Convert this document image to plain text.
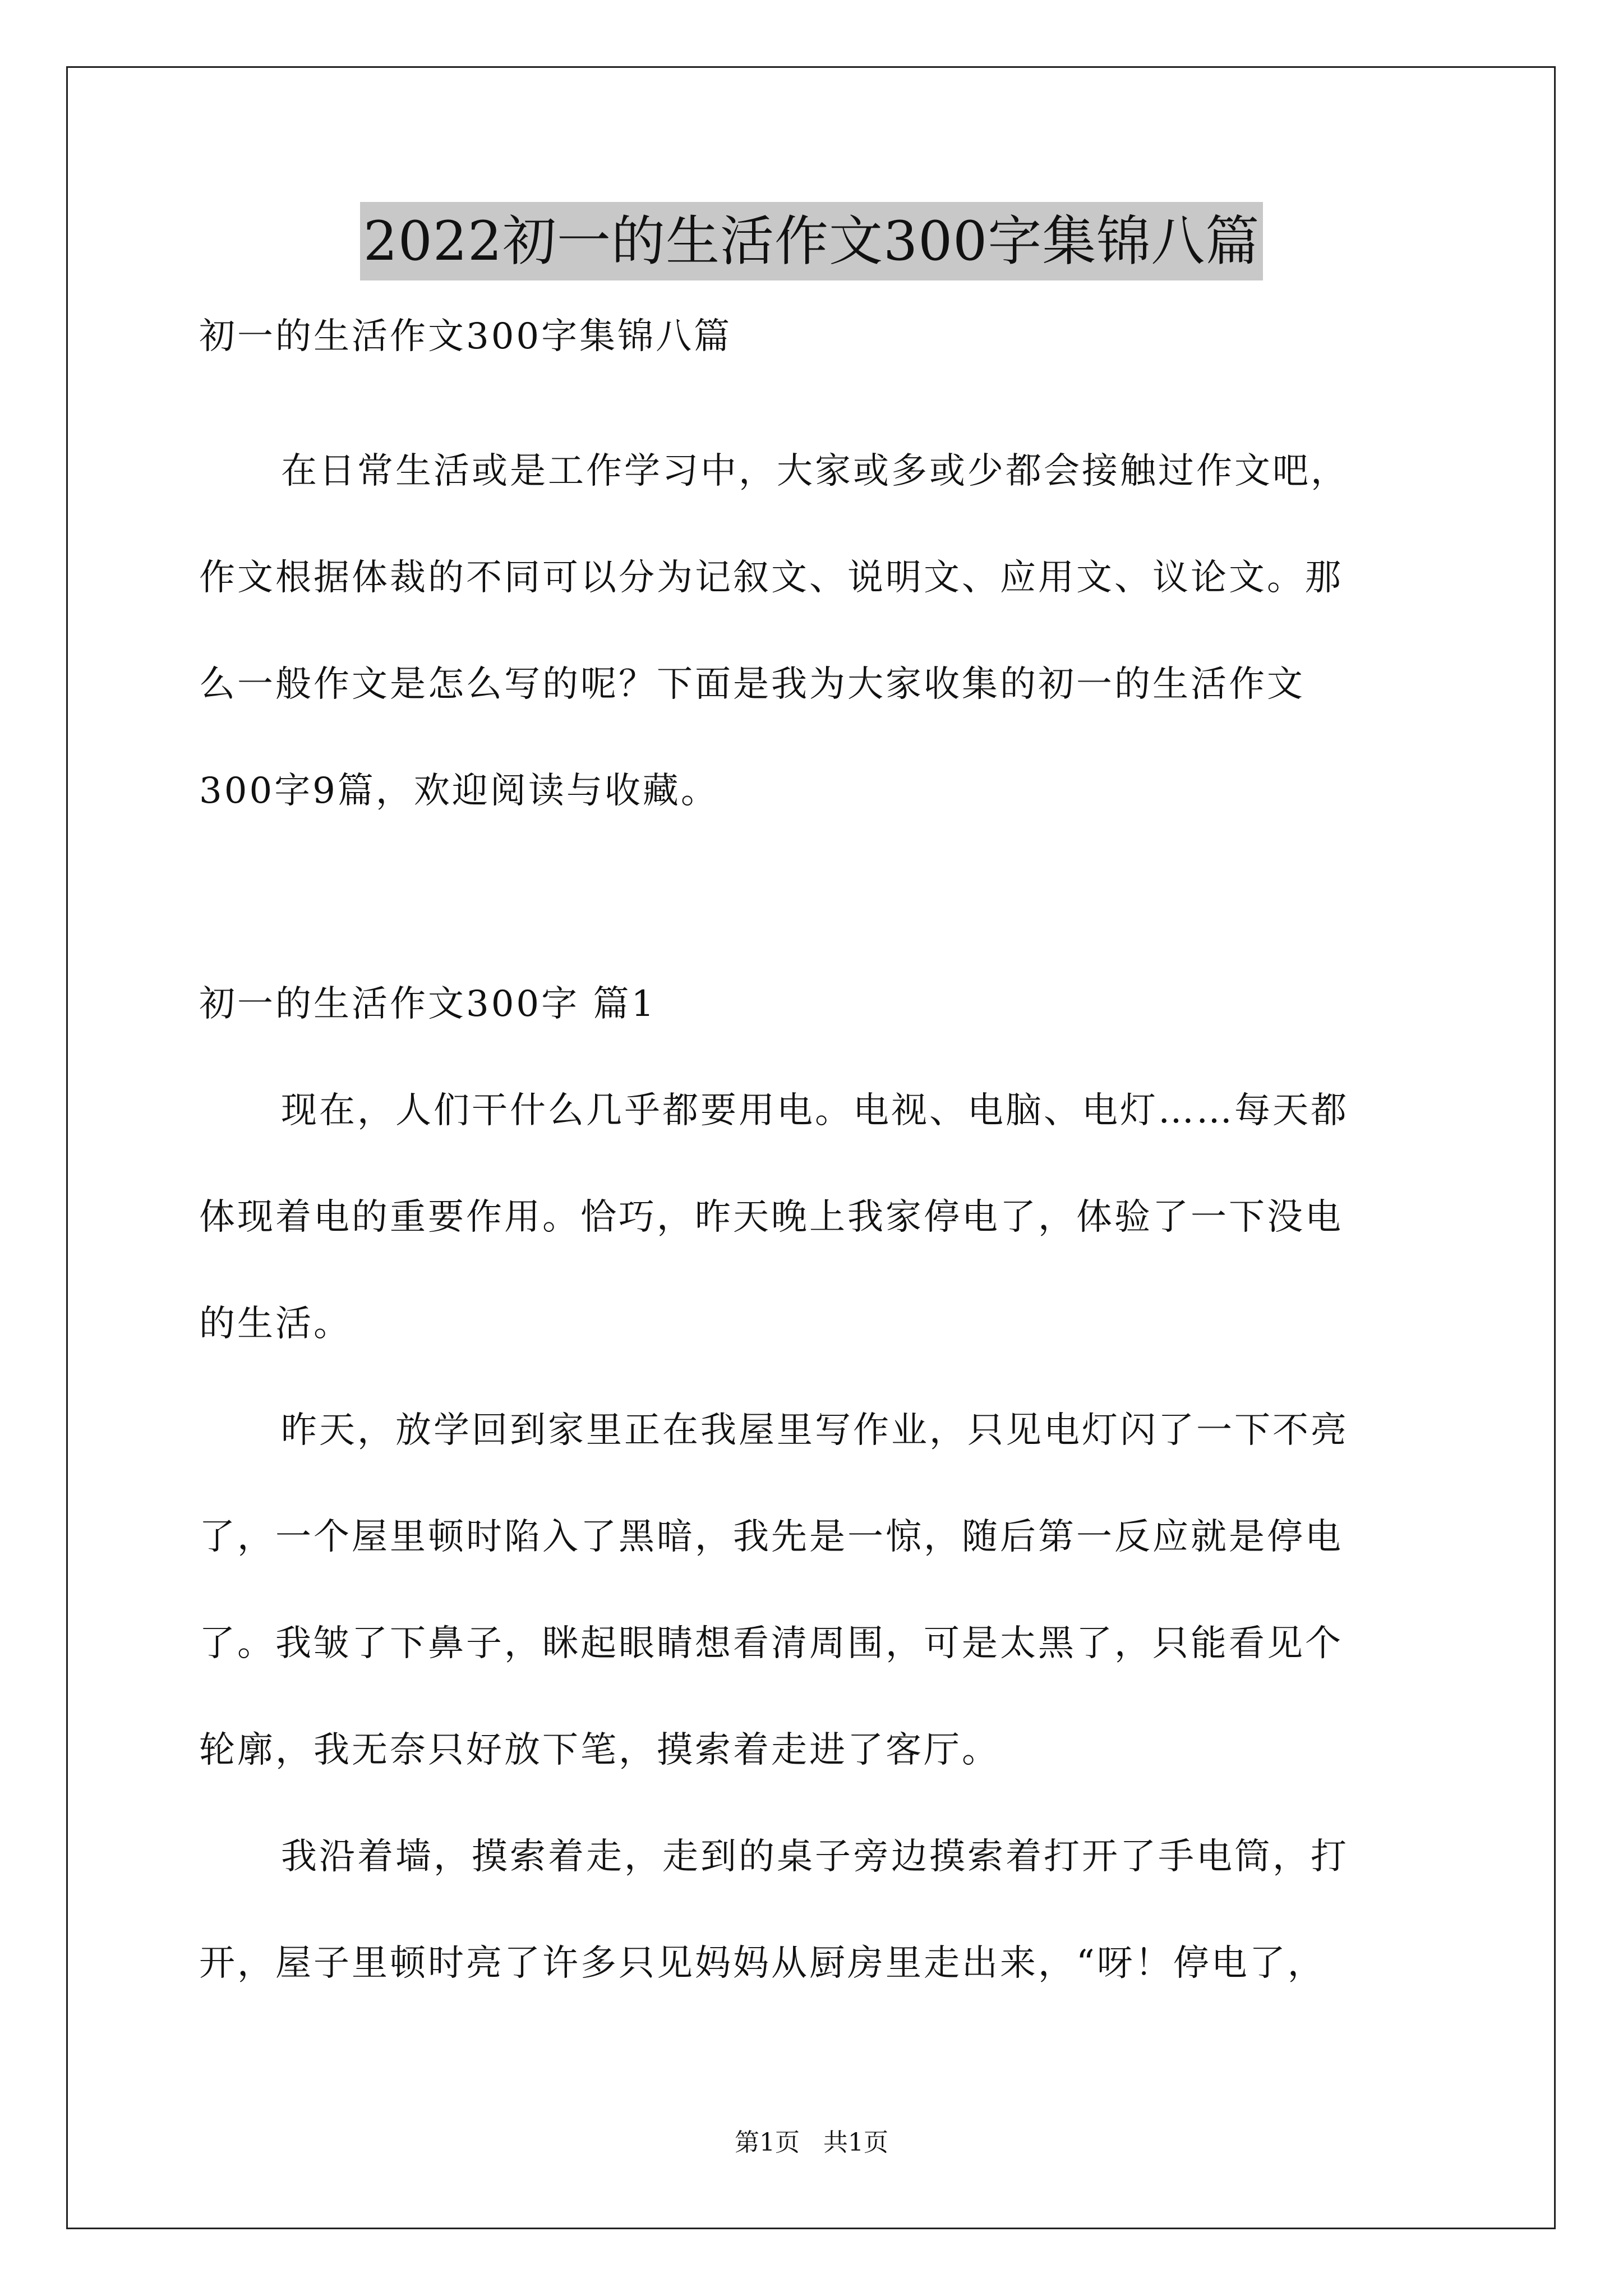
2022初一的生活作文300字集锦八篇
初一的生活作文300字集锦八篇
在日常生活或是工作学习中，大家或多或少都会接触过作文吧，
作文根据体裁的不同可以分为记叙文、说明文、应用文、议论文。那
么一般作文是怎么写的呢？下面是我为大家收集的初一的生活作文
300字9篇，欢迎阅读与收藏。
初一的生活作文300字 篇1
现在，人们干什么几乎都要用电。电视、电脑、电灯……每天都
体现着电的重要作用。恰巧，昨天晚上我家停电了，体验了一下没电
的生活。
昨天，放学回到家里正在我屋里写作业，只见电灯闪了一下不亮
了，一个屋里顿时陷入了黑暗，我先是一惊，随后第一反应就是停电
了。我皱了下鼻子，眯起眼睛想看清周围，可是太黑了，只能看见个
轮廓，我无奈只好放下笔，摸索着走进了客厅。
我沿着墙，摸索着走，走到的桌子旁边摸索着打开了手电筒，打
开，屋子里顿时亮了许多只见妈妈从厨房里走出来，“呀！停电了，
第1页   共1页
